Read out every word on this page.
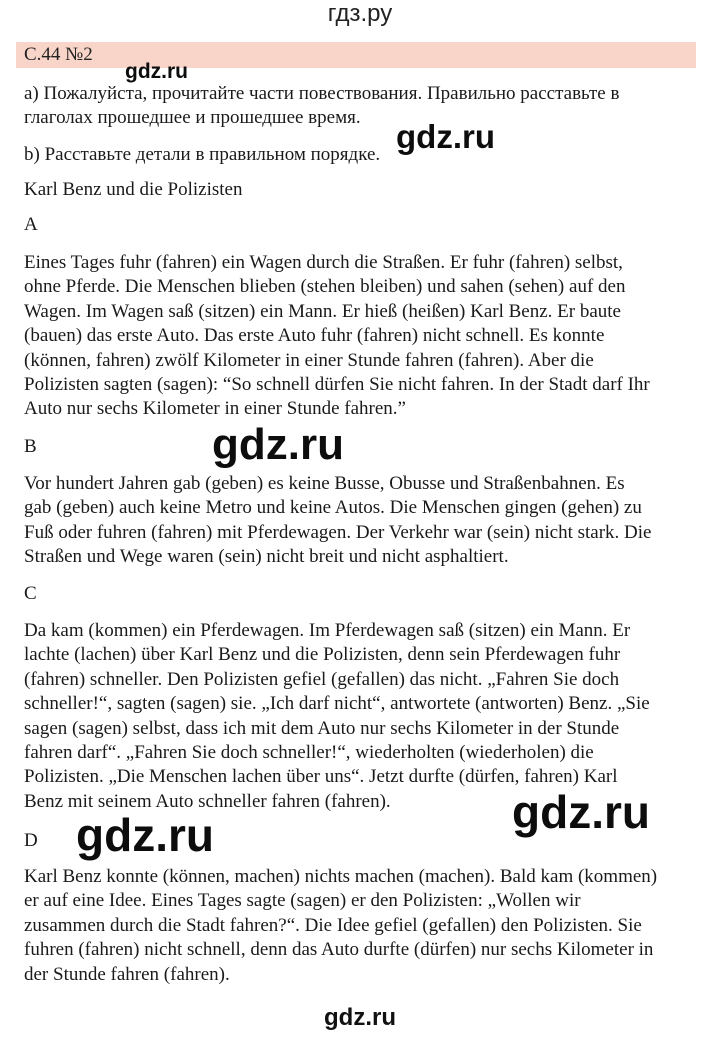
гдз.ру
С.44 №2
gdz.ru
a) Пожалуйста, прочитайте части повествования. Правильно расставьте в
глаголах прошедшее и прошедшее время.
gdz.ru
b) Расставьте детали в правильном порядке.
Karl Benz und die Polizisten
A
Eines Tages fuhr (fahren) ein Wagen durch die Straßen. Er fuhr (fahren) selbst,
ohne Pferde. Die Menschen blieben (stehen bleiben) und sahen (sehen) auf den
Wagen. Im Wagen saß (sitzen) ein Mann. Er hieß (heißen) Karl Benz. Er baute
(bauen) das erste Auto. Das erste Auto fuhr (fahren) nicht schnell. Es konnte
(können, fahren) zwölf Kilometer in einer Stunde fahren (fahren). Aber die
Polizisten sagten (sagen): “So schnell dürfen Sie nicht fahren. In der Stadt darf Ihr
Auto nur sechs Kilometer in einer Stunde fahren.”
gdz.ru
B
Vor hundert Jahren gab (geben) es keine Busse, Obusse und Straßenbahnen. Es
gab (geben) auch keine Metro und keine Autos. Die Menschen gingen (gehen) zu
Fuß oder fuhren (fahren) mit Pferdewagen. Der Verkehr war (sein) nicht stark. Die
Straßen und Wege waren (sein) nicht breit und nicht asphaltiert.
C
Da kam (kommen) ein Pferdewagen. Im Pferdewagen saß (sitzen) ein Mann. Er
lachte (lachen) über Karl Benz und die Polizisten, denn sein Pferdewagen fuhr
(fahren) schneller. Den Polizisten gefiel (gefallen) das nicht. „Fahren Sie doch
schneller!“, sagten (sagen) sie. „Ich darf nicht“, antwortete (antworten) Benz. „Sie
sagen (sagen) selbst, dass ich mit dem Auto nur sechs Kilometer in der Stunde
fahren darf“. „Fahren Sie doch schneller!“, wiederholten (wiederholen) die
Polizisten. „Die Menschen lachen über uns“. Jetzt durfte (dürfen, fahren) Karl
Benz mit seinem Auto schneller fahren (fahren).	gdz.ru
D gdz.ru
Karl Benz konnte (können, machen) nichts machen (machen). Bald kam (kommen)
er auf eine Idee. Eines Tages sagte (sagen) er den Polizisten: „Wollen wir
zusammen durch die Stadt fahren?“. Die Idee gefiel (gefallen) den Polizisten. Sie
fuhren (fahren) nicht schnell, denn das Auto durfte (dürfen) nur sechs Kilometer in
der Stunde fahren (fahren).
gdz.ru
